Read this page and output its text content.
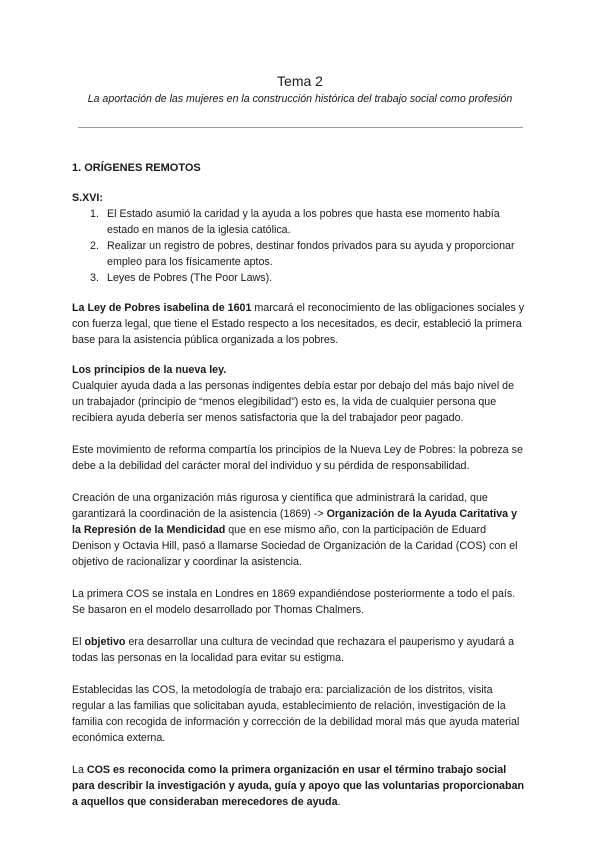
Tema 2
La aportación de las mujeres en la construcción histórica del trabajo social como profesión

1. ORÍGENES REMOTOS

S.XVI:

1. El Estado asumió la caridad y la ayuda a los pobres que hasta ese momento había estado en manos de la iglesia católica.
2. Realizar un registro de pobres, destinar fondos privados para su ayuda y proporcionar empleo para los físicamente aptos.
3. Leyes de Pobres (The Poor Laws).

La Ley de Pobres isabelina de 1601 marcará el reconocimiento de las obligaciones sociales y con fuerza legal, que tiene el Estado respecto a los necesitados, es decir, estableció la primera base para la asistencia pública organizada a los pobres.

Los principios de la nueva ley.

Cualquier ayuda dada a las personas indigentes debía estar por debajo del más bajo nivel de un trabajador (principio de “menos elegibilidad”) esto es, la vida de cualquier persona que recibiera ayuda debería ser menos satisfactoria que la del trabajador peor pagado.

Este movimiento de reforma compartía los principios de la Nueva Ley de Pobres: la pobreza se debe a la debilidad del carácter moral del individuo y su pérdida de responsabilidad.

Creación de una organización más rigurosa y científica que administrará la caridad, que garantizará la coordinación de la asistencia (1869) -> Organización de la Ayuda Caritativa y la Represión de la Mendicidad que en ese mismo año, con la participación de Eduard Denison y Octavia Hill, pasó a llamarse Sociedad de Organización de la Caridad (COS) con el objetivo de racionalizar y coordinar la asistencia.

La primera COS se instala en Londres en 1869 expandiéndose posteriormente a todo el país. Se basaron en el modelo desarrollado por Thomas Chalmers.

El objetivo era desarrollar una cultura de vecindad que rechazara el pauperismo y ayudará a todas las personas en la localidad para evitar su estigma.

Establecidas las COS, la metodología de trabajo era: parcialización de los distritos, visita regular a las familias que solicitaban ayuda, establecimiento de relación, investigación de la familia con recogida de información y corrección de la debilidad moral más que ayuda material económica externa.

La COS es reconocida como la primera organización en usar el término trabajo social para describir la investigación y ayuda, guía y apoyo que las voluntarias proporcionaban a aquellos que consideraban merecedores de ayuda.
